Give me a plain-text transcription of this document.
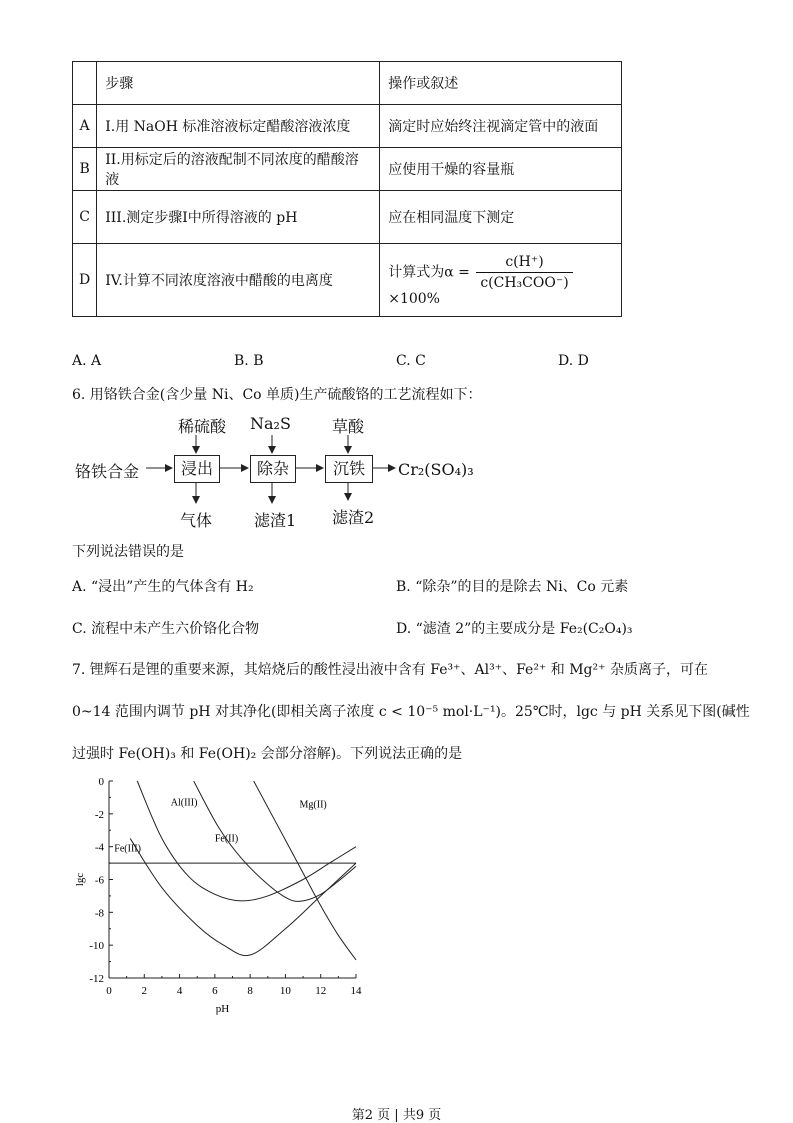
	步骤	操作或叙述
A	I.用 NaOH 标准溶液标定醋酸溶液浓度	滴定时应始终注视滴定管中的液面
B	II.用标定后的溶液配制不同浓度的醋酸溶液	应使用干燥的容量瓶
C	III.测定步骤I中所得溶液的 pH	应在相同温度下测定
D	IV.计算不同浓度溶液中醋酸的电离度	计算式为$\alpha = \frac{c(H^+)}{\text{c(CH₃COO⁻)}}$
×100%
A. A	B. B	C. C	D. D
6. 用铬铁合金(含少量 Ni、Co 单质)生产硫酸铬的工艺流程如下：
稀硫酸 Na₂S	草酸
铬铁合金	浸出	除杂	沉铁	Cr₂(SO₄)₃
气体	滤渣1 滤渣2
下列说法错误的是
A. “浸出”产生的气体含有 H₂	B. “除杂”的目的是除去 Ni、Co 元素
C. 流程中未产生六价铬化合物	D. “滤渣 2”的主要成分是 Fe₂(C₂O₄)₃
7. 锂辉石是锂的重要来源，其焙烧后的酸性浸出液中含有 Fe³⁺、Al³⁺、Fe²⁺ 和 Mg²⁺ 杂质离子，可在
0~14 范围内调节 pH 对其净化(即相关离子浓度 c < 10⁻⁵ mol·L⁻¹)。25℃时，lgc 与 pH 关系见下图(碱性
过强时 Fe(OH)₃ 和 Fe(OH)₂ 会部分溶解)。下列说法正确的是
0	2	4	6	8 10 12 14
0
-2
-4
-6
-8
-10
-12
pH
lgc
Fe(III)
Al(III)
Fe(II)
Mg(II)
第2 页 | 共9 页
